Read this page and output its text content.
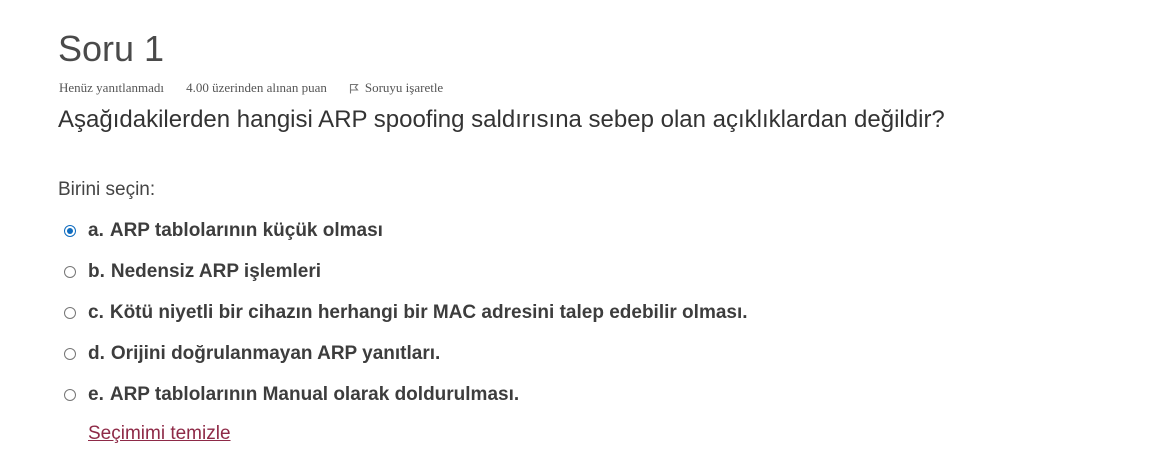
Soru 1
Henüz yanıtlanmadı 4.00 üzerinden alınan puan	Soruyu işaretle

Aşağıdakilerden hangisi ARP spoofing saldırısına sebep olan açıklıklardan değildir?

Birini seçin:
a. ARP tablolarının küçük olması
b. Nedensiz ARP işlemleri
c. Kötü niyetli bir cihazın herhangi bir MAC adresini talep edebilir olması.
d. Orijini doğrulanmayan ARP yanıtları.
e. ARP tablolarının Manual olarak doldurulması.
Seçimimi temizle
